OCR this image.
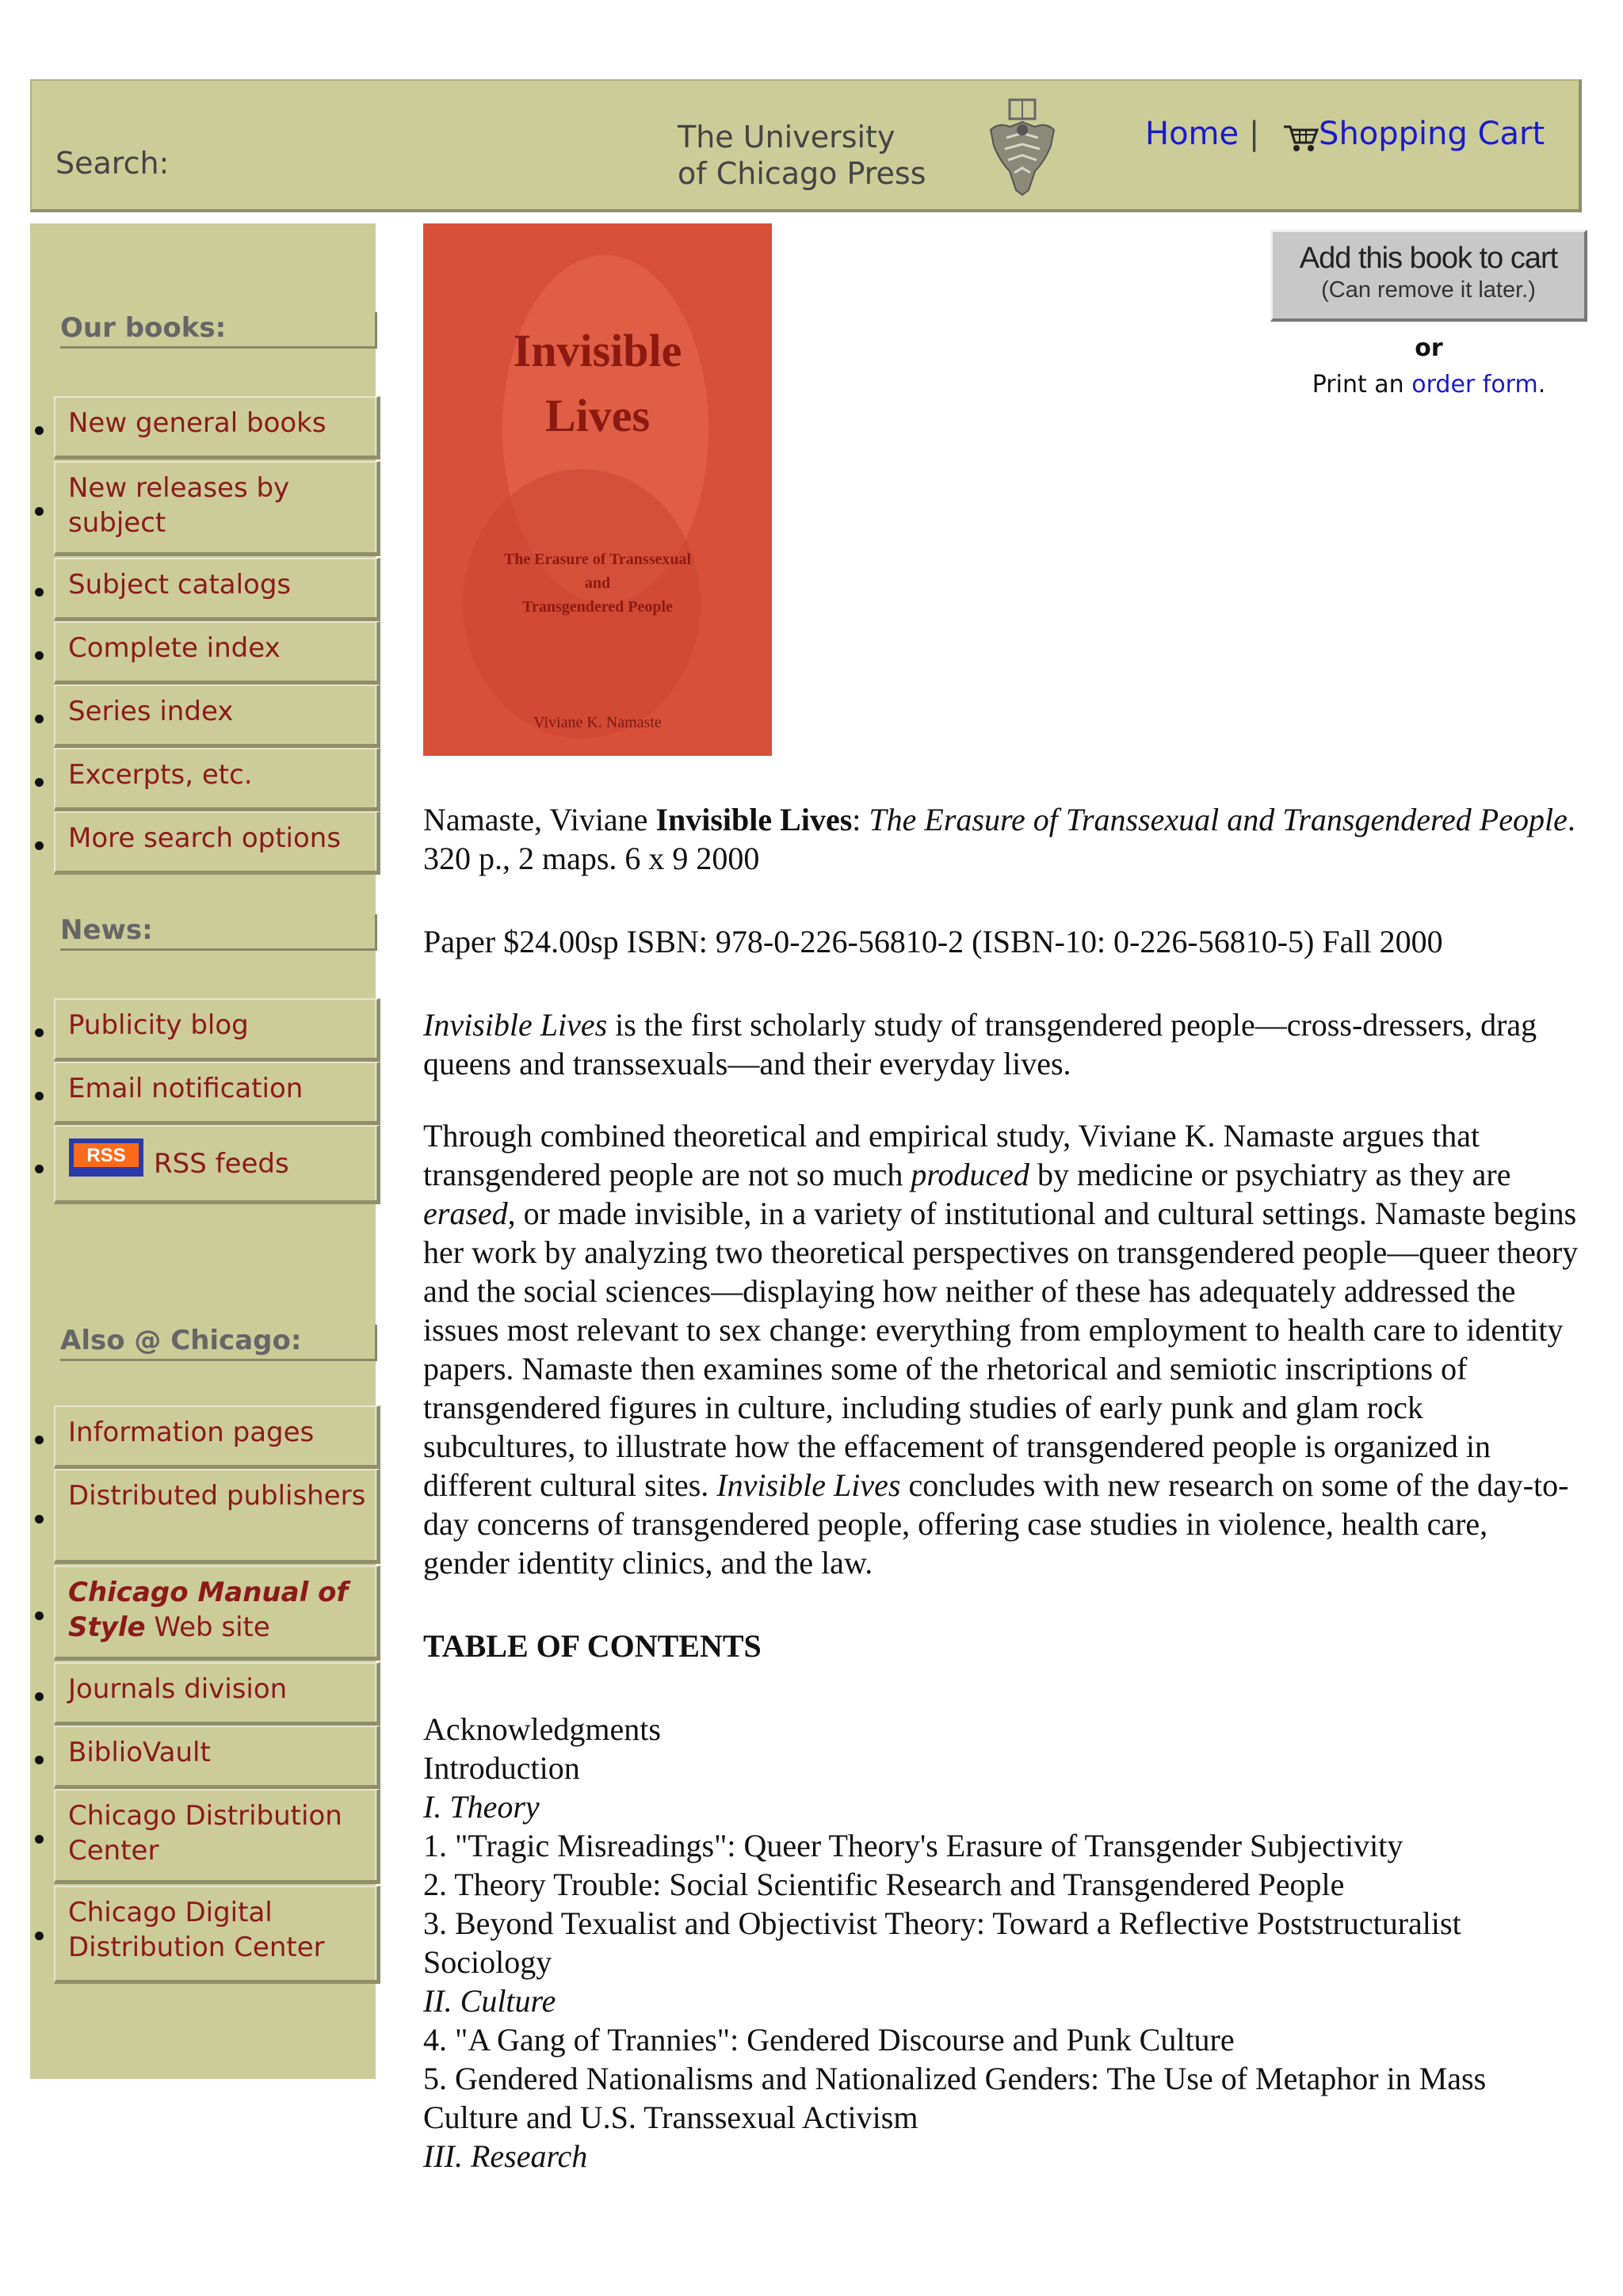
Search:
The University
of Chicago Press
Home | Shopping Cart
Our books:
New general books
New releases by subject
Subject catalogs
Complete index
Series index
Excerpts, etc.
More search options
News:
Publicity blog
Email notification
RSS RSS feeds
Also @ Chicago:
Information pages
Distributed publishers
Chicago Manual of Style Web site
Journals division
BiblioVault
Chicago Distribution Center
Chicago Digital Distribution Center
Invisible
Lives
The Erasure of Transsexual
and
Transgendered People
Viviane K. Namaste
Add this book to cart
(Can remove it later.)
or
Print an order form.

Namaste, Viviane Invisible Lives: The Erasure of Transsexual and Transgendered People. 320 p., 2 maps. 6 x 9 2000

Paper $24.00sp ISBN: 978-0-226-56810-2 (ISBN-10: 0-226-56810-5) Fall 2000

Invisible Lives is the first scholarly study of transgendered people—cross-dressers, drag queens and transsexuals—and their everyday lives.

Through combined theoretical and empirical study, Viviane K. Namaste argues that transgendered people are not so much produced by medicine or psychiatry as they are erased, or made invisible, in a variety of institutional and cultural settings. Namaste begins her work by analyzing two theoretical perspectives on transgendered people—queer theory and the social sciences—displaying how neither of these has adequately addressed the issues most relevant to sex change: everything from employment to health care to identity papers. Namaste then examines some of the rhetorical and semiotic inscriptions of transgendered figures in culture, including studies of early punk and glam rock subcultures, to illustrate how the effacement of transgendered people is organized in different cultural sites. Invisible Lives concludes with new research on some of the day-to-day concerns of transgendered people, offering case studies in violence, health care, gender identity clinics, and the law.

TABLE OF CONTENTS

Acknowledgments
Introduction
I. Theory
1. "Tragic Misreadings": Queer Theory's Erasure of Transgender Subjectivity
2. Theory Trouble: Social Scientific Research and Transgendered People
3. Beyond Texualist and Objectivist Theory: Toward a Reflective Poststructuralist Sociology
II. Culture
4. "A Gang of Trannies": Gendered Discourse and Punk Culture
5. Gendered Nationalisms and Nationalized Genders: The Use of Metaphor in Mass Culture and U.S. Transsexual Activism
III. Research
